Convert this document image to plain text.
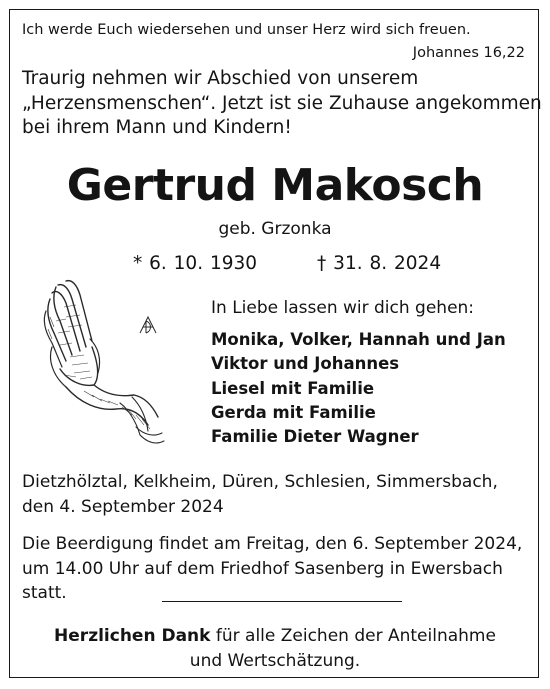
Ich werde Euch wiedersehen und unser Herz wird sich freuen.
Johannes 16,22
Traurig nehmen wir Abschied von unserem
„Herzensmenschen“. Jetzt ist sie Zuhause angekommen
bei ihrem Mann und Kindern!
Gertrud Makosch
geb. Grzonka
* 6. 10. 1930	† 31. 8. 2024
In Liebe lassen wir dich gehen:
Monika, Volker, Hannah und Jan
Viktor und Johannes
Liesel mit Familie
Gerda mit Familie
Familie Dieter Wagner
Dietzhölztal, Kelkheim, Düren, Schlesien, Simmersbach,
den 4. September 2024
Die Beerdigung findet am Freitag, den 6. September 2024,
um 14.00 Uhr auf dem Friedhof Sasenberg in Ewersbach
statt.
Herzlichen Dank für alle Zeichen der Anteilnahme
und Wertschätzung.
